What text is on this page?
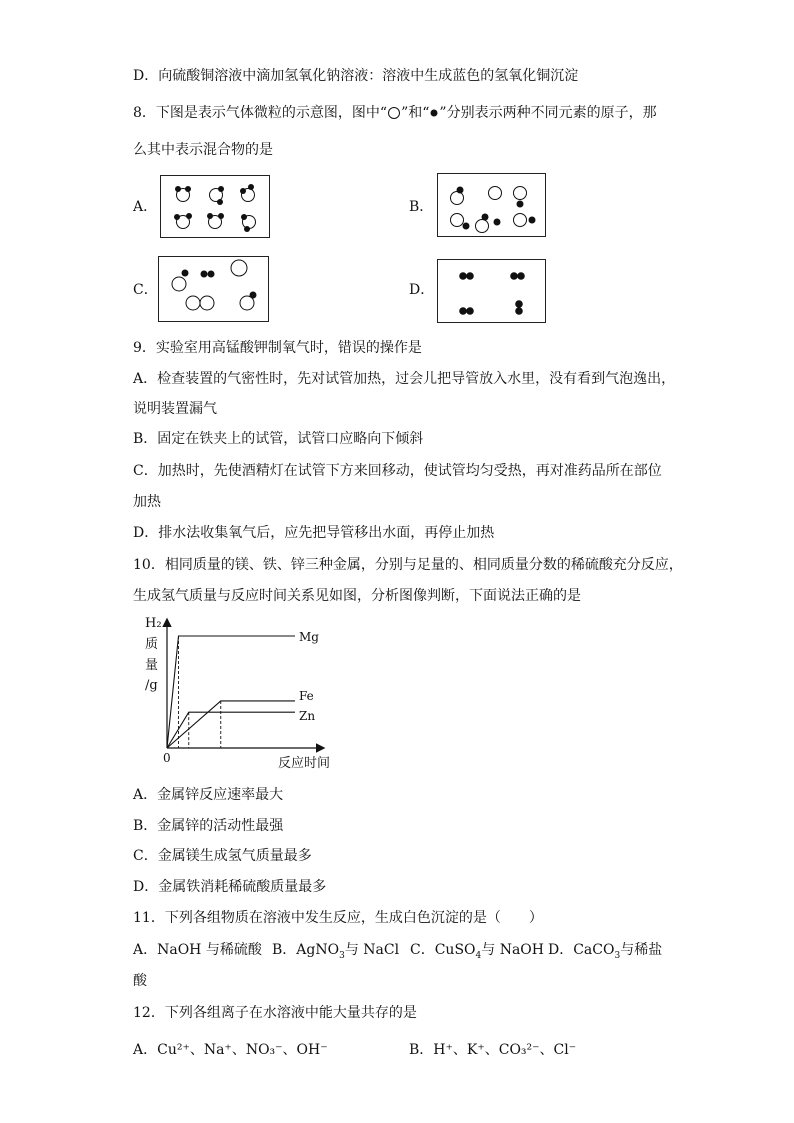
D．向硫酸铜溶液中滴加氢氧化钠溶液：溶液中生成蓝色的氢氧化铜沉淀
8．下图是表示气体微粒的示意图，图中“ ”和“ ”分别表示两种不同元素的原子，那
么其中表示混合物的是
A．	B．
C．	D．
9．实验室用高锰酸钾制氧气时，错误的操作是
A．检查装置的气密性时，先对试管加热，过会儿把导管放入水里，没有看到气泡逸出，
说明装置漏气
B．固定在铁夹上的试管，试管口应略向下倾斜
C．加热时，先使酒精灯在试管下方来回移动，使试管均匀受热，再对准药品所在部位
加热
D．排水法收集氧气后，应先把导管移出水面，再停止加热
10．相同质量的镁、铁、锌三种金属，分别与足量的、相同质量分数的稀硫酸充分反应，
生成氢气质量与反应时间关系见如图，分析图像判断，下面说法正确的是
H₂
质
量
/g
0	反应时间
Mg
Fe
Zn
A．金属锌反应速率最大
B．金属锌的活动性最强
C．金属镁生成氢气质量最多
D．金属铁消耗稀硫酸质量最多
11．下列各组物质在溶液中发生反应，生成白色沉淀的是（　　）
A．NaOH 与稀硫酸 B．AgNO$_3$与 NaCl C．CuSO$_4$与 NaOH D．CaCO$_3$与稀盐
酸
12．下列各组离子在水溶液中能大量共存的是
A．Cu²⁺、Na⁺、NO₃⁻、OH⁻	B．H⁺、K⁺、CO₃²⁻、Cl⁻
